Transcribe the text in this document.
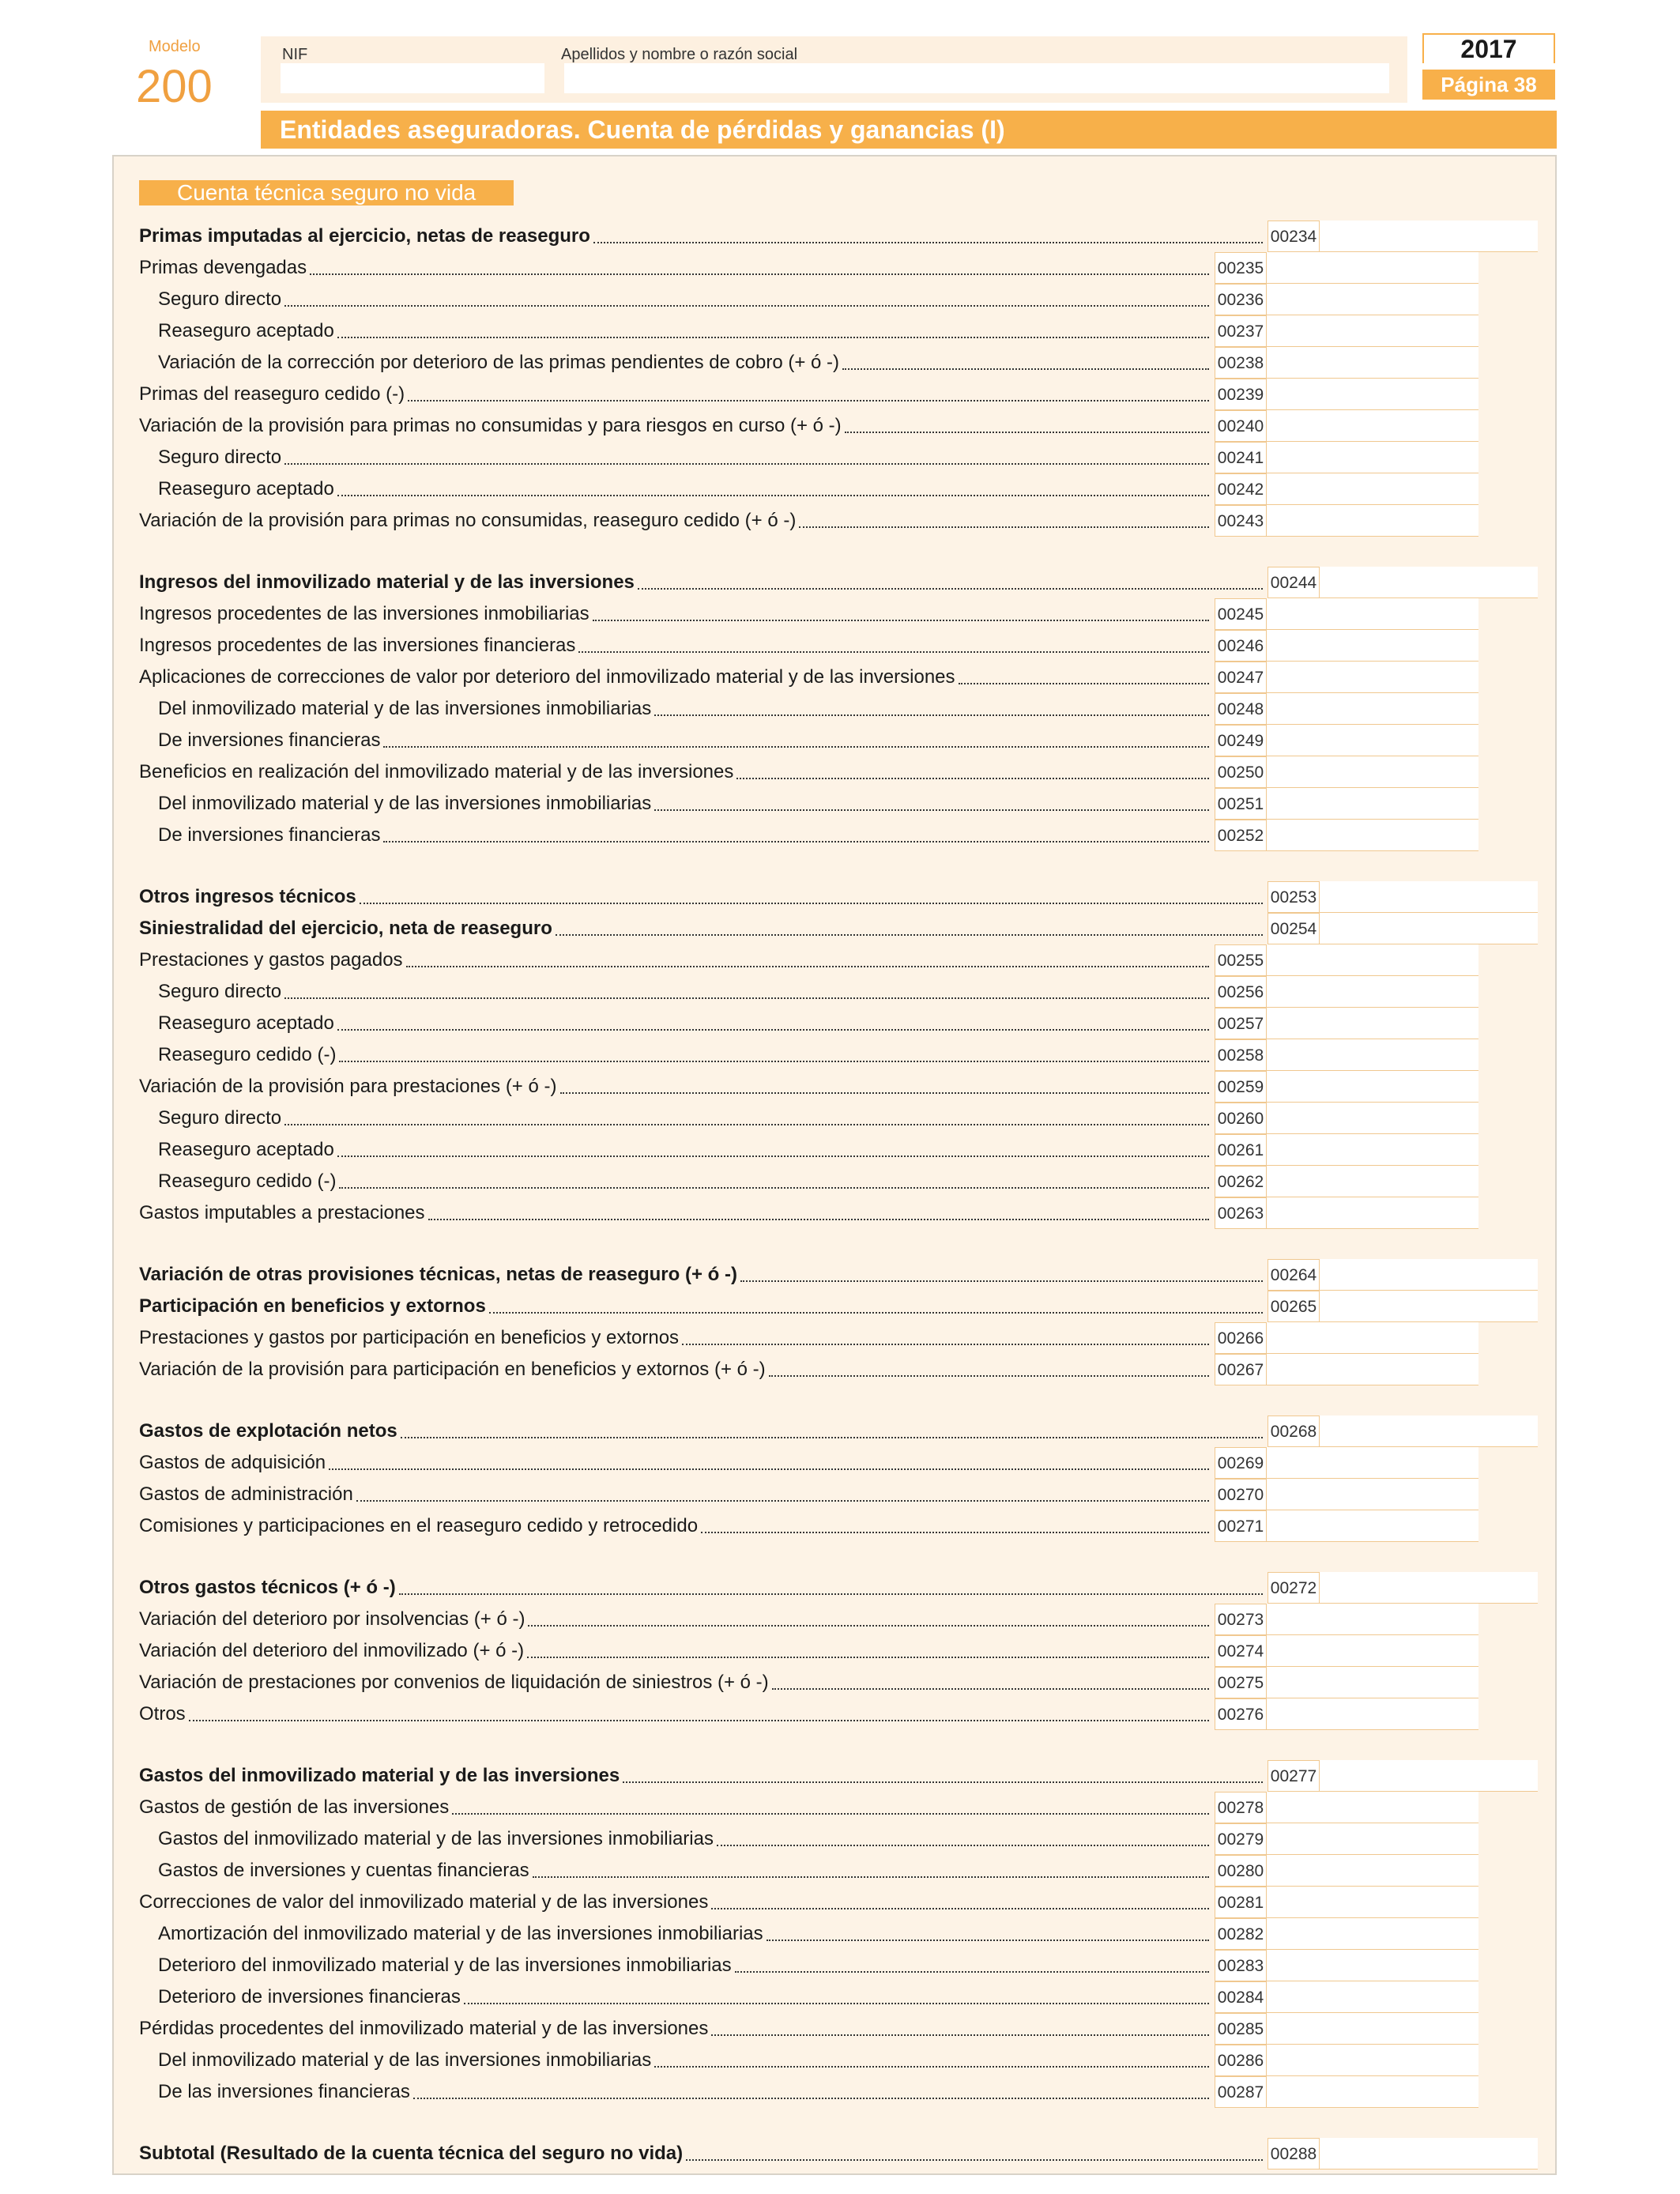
Modelo
200
NIF	Apellidos y nombre o razón social	2017
Página 38
Entidades aseguradoras. Cuenta de pérdidas y ganancias (I)
Cuenta técnica seguro no vida
Primas imputadas al ejercicio, netas de reaseguro	00234
Primas devengadas	00235
Seguro directo	00236
Reaseguro aceptado	00237
Variación de la corrección por deterioro de las primas pendientes de cobro (+ ó -)	00238
Primas del reaseguro cedido (-)	00239
Variación de la provisión para primas no consumidas y para riesgos en curso (+ ó -)	00240
Seguro directo	00241
Reaseguro aceptado	00242
Variación de la provisión para primas no consumidas, reaseguro cedido (+ ó -)	00243
Ingresos del inmovilizado material y de las inversiones	00244
Ingresos procedentes de las inversiones inmobiliarias	00245
Ingresos procedentes de las inversiones financieras	00246
Aplicaciones de correcciones de valor por deterioro del inmovilizado material y de las inversiones	00247
Del inmovilizado material y de las inversiones inmobiliarias	00248
De inversiones financieras	00249
Beneficios en realización del inmovilizado material y de las inversiones	00250
Del inmovilizado material y de las inversiones inmobiliarias	00251
De inversiones financieras	00252
Otros ingresos técnicos	00253
Siniestralidad del ejercicio, neta de reaseguro	00254
Prestaciones y gastos pagados	00255
Seguro directo	00256
Reaseguro aceptado	00257
Reaseguro cedido (-)	00258
Variación de la provisión para prestaciones (+ ó -)	00259
Seguro directo	00260
Reaseguro aceptado	00261
Reaseguro cedido (-)	00262
Gastos imputables a prestaciones	00263
Variación de otras provisiones técnicas, netas de reaseguro (+ ó -)	00264
Participación en beneficios y extornos	00265
Prestaciones y gastos por participación en beneficios y extornos	00266
Variación de la provisión para participación en beneficios y extornos (+ ó -)	00267
Gastos de explotación netos	00268
Gastos de adquisición	00269
Gastos de administración	00270
Comisiones y participaciones en el reaseguro cedido y retrocedido	00271
Otros gastos técnicos (+ ó -)	00272
Variación del deterioro por insolvencias (+ ó -)	00273
Variación del deterioro del inmovilizado (+ ó -)	00274
Variación de prestaciones por convenios de liquidación de siniestros (+ ó -)	00275
Otros	00276
Gastos del inmovilizado material y de las inversiones	00277
Gastos de gestión de las inversiones	00278
Gastos del inmovilizado material y de las inversiones inmobiliarias	00279
Gastos de inversiones y cuentas financieras	00280
Correcciones de valor del inmovilizado material y de las inversiones	00281
Amortización del inmovilizado material y de las inversiones inmobiliarias	00282
Deterioro del inmovilizado material y de las inversiones inmobiliarias	00283
Deterioro de inversiones financieras	00284
Pérdidas procedentes del inmovilizado material y de las inversiones	00285
Del inmovilizado material y de las inversiones inmobiliarias	00286
De las inversiones financieras	00287
Subtotal (Resultado de la cuenta técnica del seguro no vida)	00288
